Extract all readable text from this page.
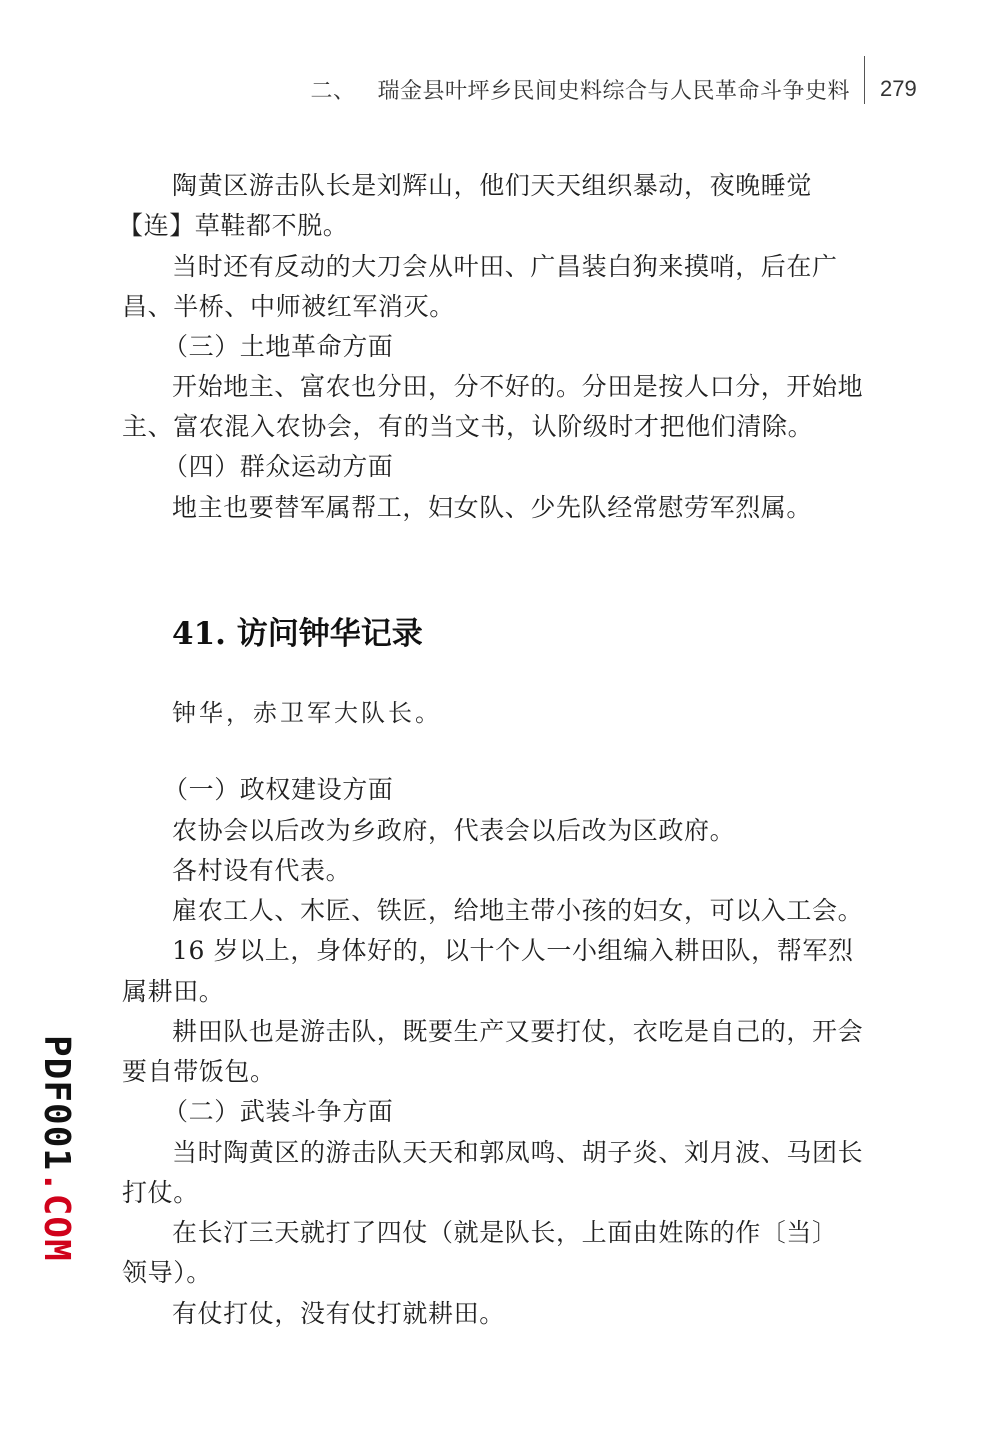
二、 瑞金县叶坪乡民间史料综合与人民革命斗争史料 279
陶黄区游击队长是刘辉山，他们天天组织暴动，夜晚睡觉
【连】草鞋都不脱。
当时还有反动的大刀会从叶田、广昌装白狗来摸哨，后在广
昌、半桥、中师被红军消灭。
（三）土地革命方面
开始地主、富农也分田，分不好的。分田是按人口分，开始地
主、富农混入农协会，有的当文书，认阶级时才把他们清除。
（四）群众运动方面
地主也要替军属帮工，妇女队、少先队经常慰劳军烈属。
41. 访问钟华记录
钟华，赤卫军大队长。
（一）政权建设方面
农协会以后改为乡政府，代表会以后改为区政府。
各村设有代表。
雇农工人、木匠、铁匠，给地主带小孩的妇女，可以入工会。
16 岁以上，身体好的，以十个人一小组编入耕田队，帮军烈
属耕田。
耕田队也是游击队，既要生产又要打仗，衣吃是自己的，开会
要自带饭包。
（二）武装斗争方面
当时陶黄区的游击队天天和郭凤鸣、胡子炎、刘月波、马团长
打仗。
在长汀三天就打了四仗（就是队长，上面由姓陈的作〔当〕
领导）。
有仗打仗，没有仗打就耕田。
PDF001.COM
